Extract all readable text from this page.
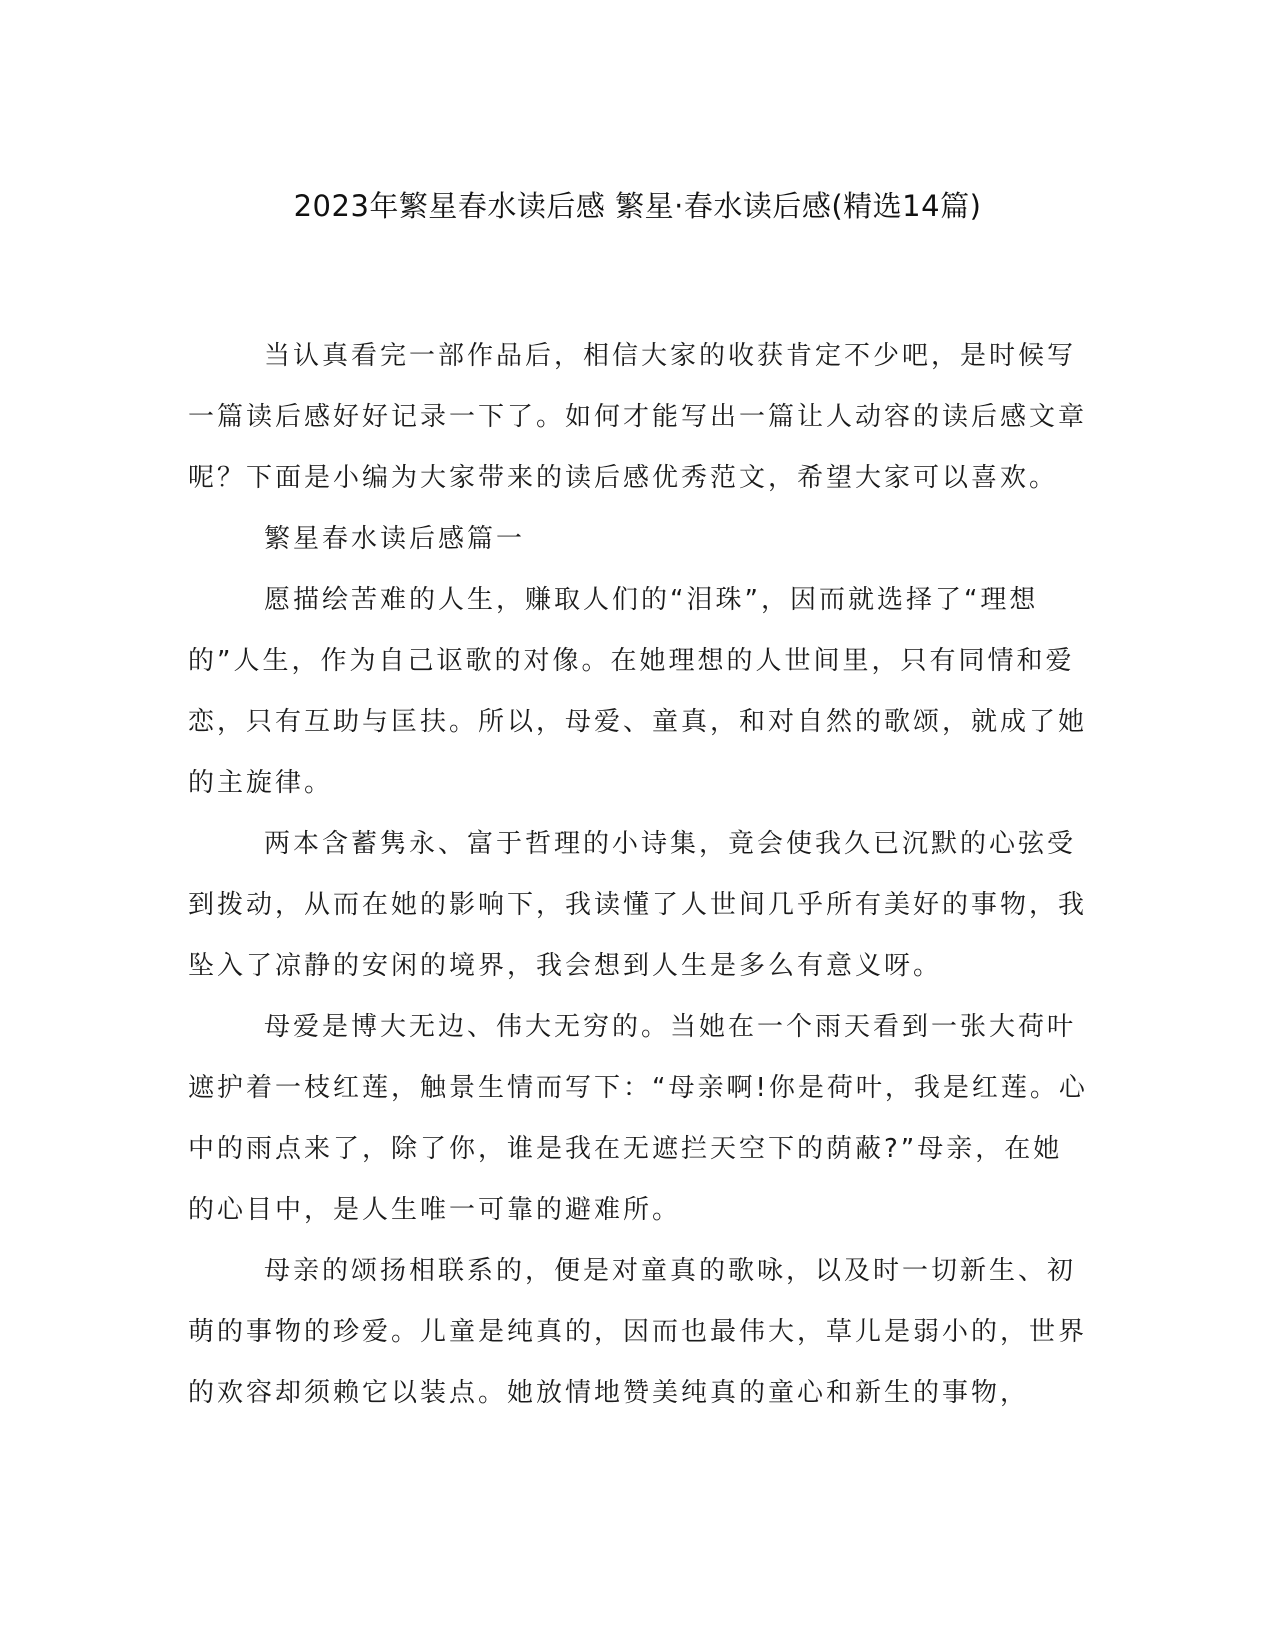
2023年繁星春水读后感 繁星·春水读后感(精选14篇)

当认真看完一部作品后，相信大家的收获肯定不少吧，是时候写一篇读后感好好记录一下了。如何才能写出一篇让人动容的读后感文章呢？下面是小编为大家带来的读后感优秀范文，希望大家可以喜欢。

繁星春水读后感篇一

愿描绘苦难的人生，赚取人们的“泪珠”，因而就选择了“理想的”人生，作为自己讴歌的对像。在她理想的人世间里，只有同情和爱恋，只有互助与匡扶。所以，母爱、童真，和对自然的歌颂，就成了她的主旋律。

两本含蓄隽永、富于哲理的小诗集，竟会使我久已沉默的心弦受到拨动，从而在她的影响下，我读懂了人世间几乎所有美好的事物，我坠入了凉静的安闲的境界，我会想到人生是多么有意义呀。

母爱是博大无边、伟大无穷的。当她在一个雨天看到一张大荷叶遮护着一枝红莲，触景生情而写下：“母亲啊!你是荷叶，我是红莲。心中的雨点来了，除了你，谁是我在无遮拦天空下的荫蔽?”母亲，在她的心目中，是人生唯一可靠的避难所。

母亲的颂扬相联系的，便是对童真的歌咏，以及时一切新生、初萌的事物的珍爱。儿童是纯真的，因而也最伟大，草儿是弱小的，世界的欢容却须赖它以装点。她放情地赞美纯真的童心和新生的事物，
